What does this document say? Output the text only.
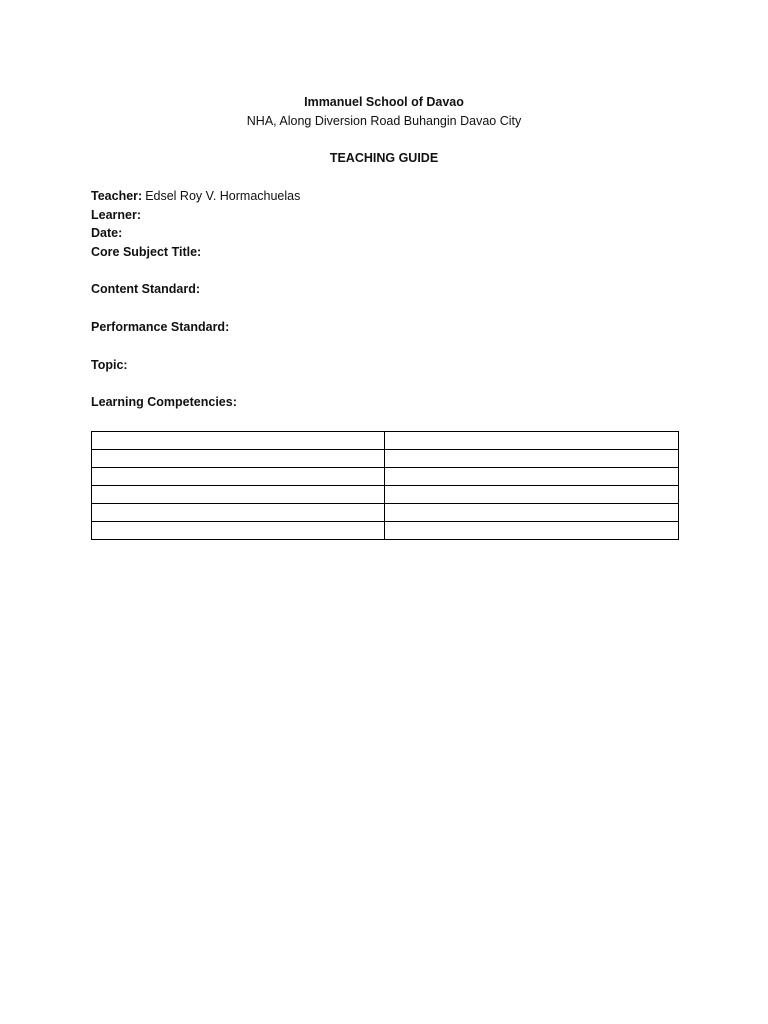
Immanuel School of Davao
NHA, Along Diversion Road Buhangin Davao City
TEACHING GUIDE
Teacher: Edsel Roy V. Hormachuelas
Learner:
Date:
Core Subject Title:
Content Standard:
Performance Standard:
Topic:
Learning Competencies:
